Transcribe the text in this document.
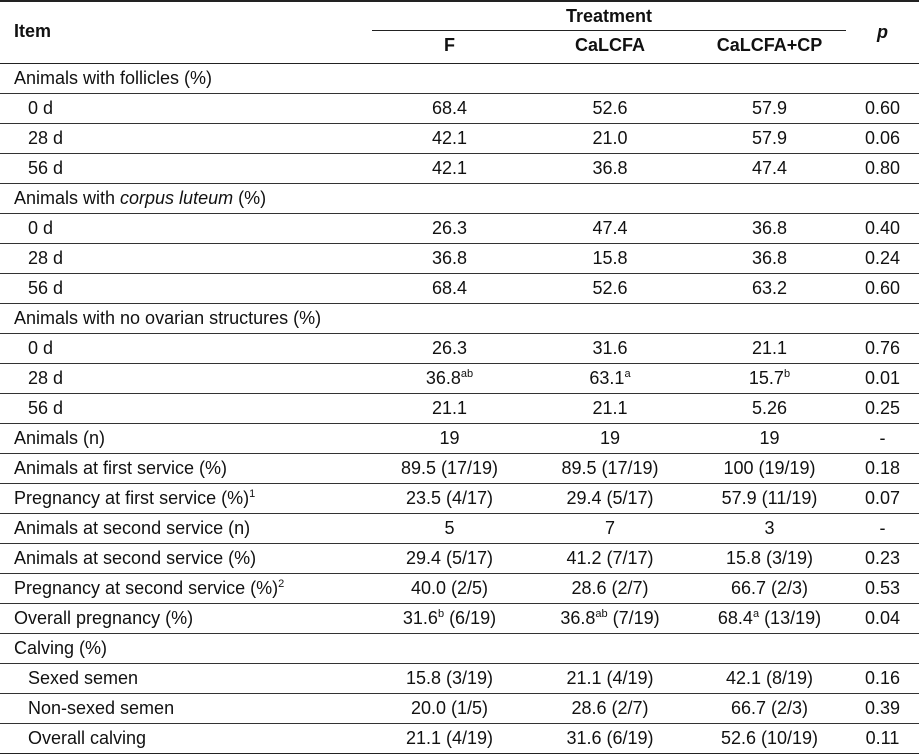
Item
Treatment
F	CaLCFA	CaLCFA+CP
p
Animals with follicles (%)				
0 d	68.4	52.6	57.9	0.60
28 d	42.1	21.0	57.9	0.06
56 d	42.1	36.8	47.4	0.80
Animals with corpus luteum (%)				
0 d	26.3	47.4	36.8	0.40
28 d	36.8	15.8	36.8	0.24
56 d	68.4	52.6	63.2	0.60
Animals with no ovarian structures (%)				
0 d	26.3	31.6	21.1	0.76
28 d	36.8$^{ab}$	63.1$^a$	15.7$^b$	0.01
56 d	21.1	21.1	5.26	0.25
Animals (n)	19	19	19	-
Animals at first service (%)	89.5 (17/19)	89.5 (17/19)	100 (19/19)	0.18
Pregnancy at first service (%)$^1$	23.5 (4/17)	29.4 (5/17)	57.9 (11/19)	0.07
Animals at second service (n)	5	7	3	-
Animals at second service (%)	29.4 (5/17)	41.2 (7/17)	15.8 (3/19)	0.23
Pregnancy at second service (%)$^2$	40.0 (2/5)	28.6 (2/7)	66.7 (2/3)	0.53
Overall pregnancy (%)	31.6$^b$ (6/19)	36.8$^{ab}$ (7/19)	68.4$^a$ (13/19)	0.04
Calving (%)				
Sexed semen	15.8 (3/19)	21.1 (4/19)	42.1 (8/19)	0.16
Non-sexed semen	20.0 (1/5)	28.6 (2/7)	66.7 (2/3)	0.39
Overall calving	21.1 (4/19)	31.6 (6/19)	52.6 (10/19)	0.11
